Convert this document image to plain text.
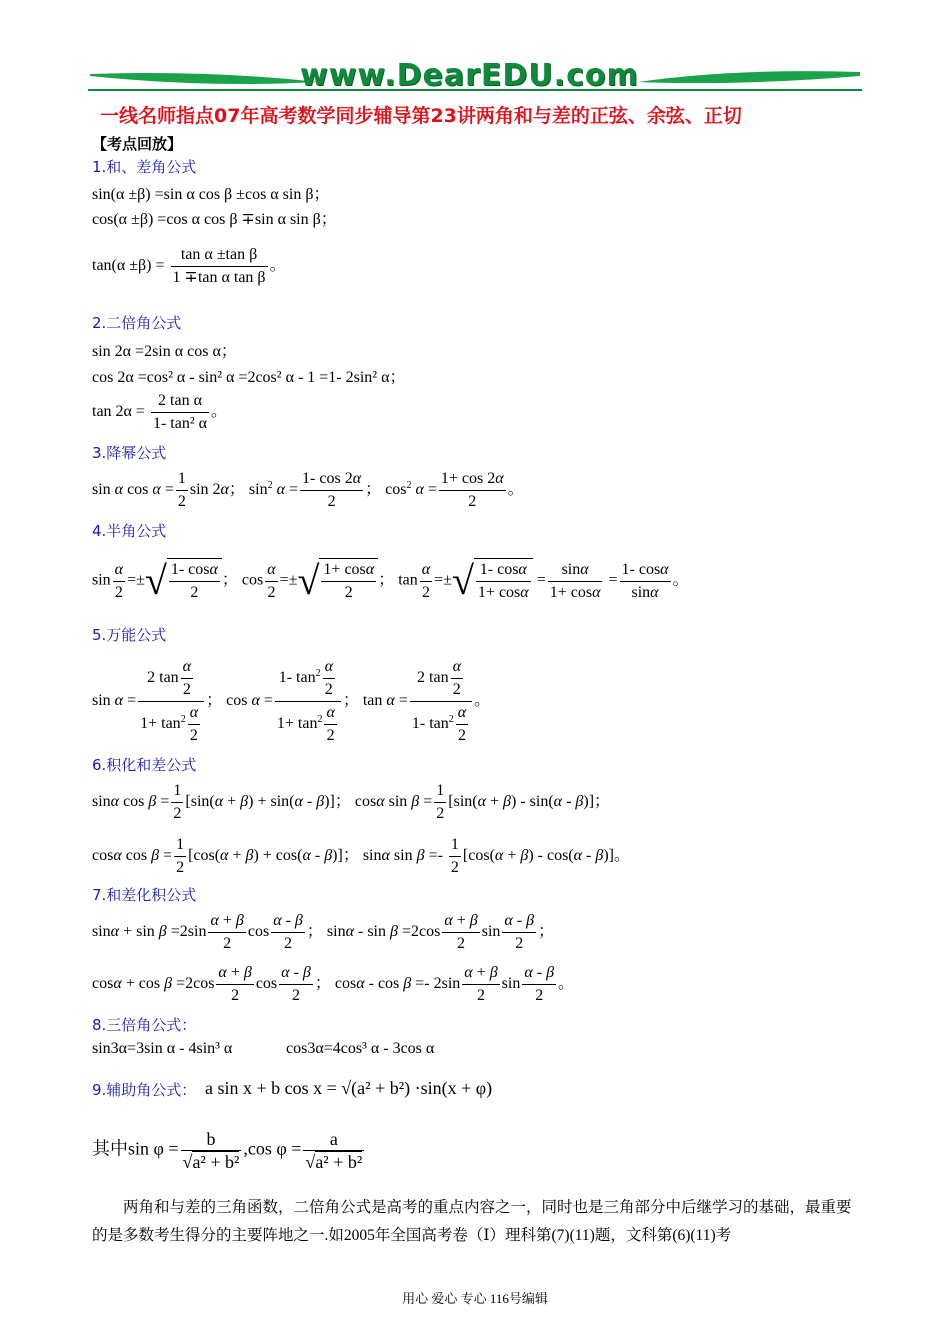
www.DearEDU.com
一线名师指点07年高考数学同步辅导第23讲两角和与差的正弦、余弦、正切
【考点回放】
1.和、差角公式
sin(α ±β) =sin α cos β ±cos α sin β；
cos(α ±β) =cos α cos β ∓sin α sin β；
$\tan(\alpha \pm\beta) = \frac{\text{tan α ±tan β}}{\text{1 ∓tan α tan β}}$ 。
2.二倍角公式
sin 2α =2sin α cos α；
cos 2α =cos² α - sin² α =2cos² α - 1 =1- 2sin² α；
$\tan 2\alpha = \frac{\text{2 tan α}}{\text{1- tan² α}}$ 。
3.降幂公式
sin α $\cos \alpha = \frac{1}{2}$ sin 2α； $\sin^2 \alpha = \frac{1- \cos 2\alpha}{2}$ ； $\cos^2 \alpha = \frac{1+ \cos 2\alpha}{2}$ 。
4.半角公式
$\sin \frac{\alpha}{2}$ =±√ $\frac{1- \cos\alpha}{2}$ ； $\cos \frac{\alpha}{2}$ =±√ $\frac{1+ \cos\alpha}{2}$ ； $\tan \frac{\alpha}{2}$ =±√ $\frac{1- \cos\alpha}{1+ \cos\alpha} = \frac{\sin\alpha}{1+ \cos\alpha} = \frac{1- \cos\alpha}{\sin\alpha}$ 。
5.万能公式
$\sin \alpha = \frac{2 \tan \frac{\alpha}{2}}{1+ \tan^2 \frac{\alpha}{2}}$ ； $\cos \alpha = \frac{1- \tan^2 \frac{\alpha}{2}}{1+ \tan^2 \frac{\alpha}{2}}$ ； $\tan \alpha = \frac{2 \tan \frac{\alpha}{2}}{1- \tan^2 \frac{\alpha}{2}}$ 。
6.积化和差公式
sinα $\cos \beta = \frac{1}{2} [\sin(\alpha + \beta) + \sin(\alpha - \beta)]$； cosα $\sin \beta = \frac{1}{2} [\sin(\alpha + \beta) - \sin(\alpha - \beta)]$；
cosα $\cos \beta = \frac{1}{2} [\cos(\alpha + \beta) + \cos(\alpha - \beta)]$； sinα $\sin \beta =- \frac{1}{2} [\cos(\alpha + \beta) - \cos(\alpha - \beta)]$。
7.和差化积公式
$\sin\alpha + \sin \beta =2\sin \frac{\alpha + \beta}{2}$ $\cos \frac{\alpha - \beta}{2}$ ； $\sin\alpha - \sin \beta =2\cos \frac{\alpha + \beta}{2}$ $\sin \frac{\alpha - \beta}{2}$ ；
$\cos\alpha + \cos \beta =2\cos \frac{\alpha + \beta}{2}$ $\cos \frac{\alpha - \beta}{2}$ ； $\cos\alpha - \cos \beta =- 2\sin \frac{\alpha + \beta}{2}$ $\sin \frac{\alpha - \beta}{2}$ 。
8.三倍角公式：
sin3α=3sin α - 4sin³ α	cos3α=4cos³ α - 3cos α
9.辅助角公式： a sin x + b cos x = √(a² + b²) ·sin(x + φ)
其中$\sin \varphi = \frac{b}{\text{√a² + b²}} ,\cos$ $\varphi = \frac{a}{\text{√a² + b²}}$
两角和与差的三角函数，二倍角公式是高考的重点内容之一，同时也是三角部分中后继学习的基础，最重要的是多数考生得分的主要阵地之一.如2005年全国高考卷（Ⅰ）理科第(7)(11)题，文科第(6)(11)考
用心 爱心 专心 116号编辑
